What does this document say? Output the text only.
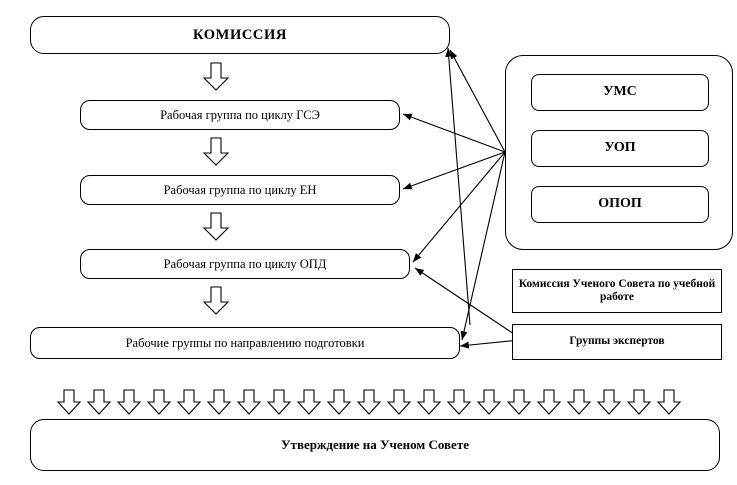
КОМИССИЯ
Рабочая группа по циклу ГСЭ
Рабочая группа по циклу ЕН
Рабочая группа по циклу ОПД
Рабочие группы по направлению подготовки
УМС
УОП
ОПОП
Комиссия Ученого Совета по учебной работе
Группы экспертов
Утверждение на Ученом Совете
